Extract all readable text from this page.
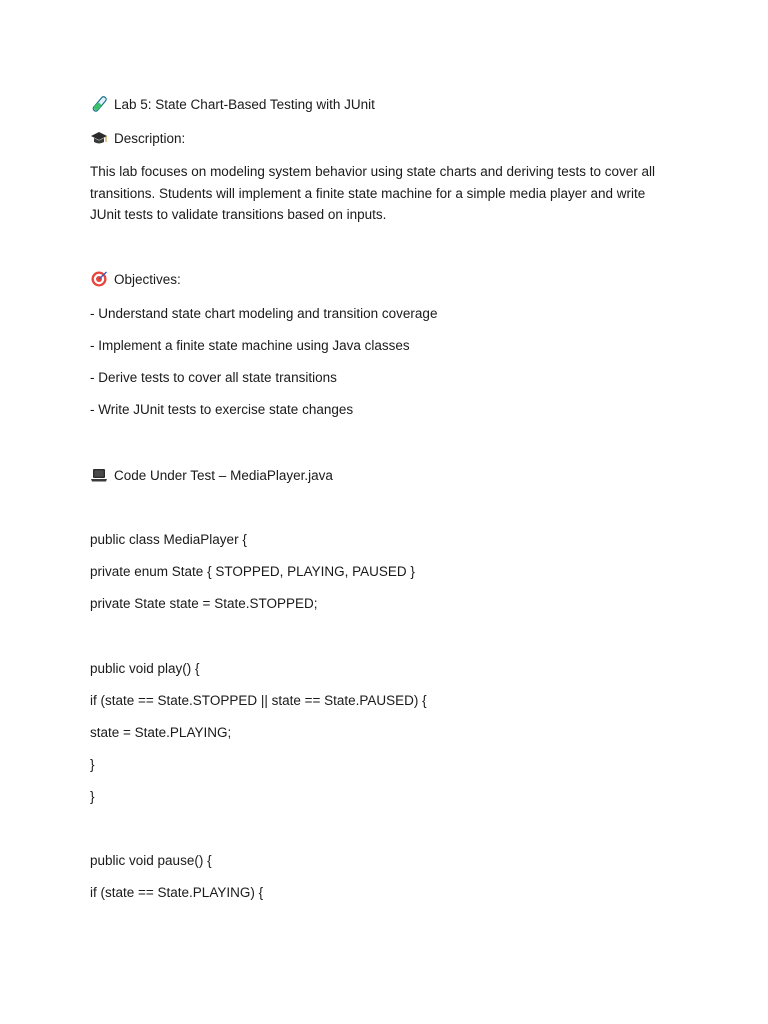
Lab 5: State Chart-Based Testing with JUnit
Description:
This lab focuses on modeling system behavior using state charts and deriving tests to cover all transitions. Students will implement a finite state machine for a simple media player and write JUnit tests to validate transitions based on inputs.
Objectives:
- Understand state chart modeling and transition coverage
- Implement a finite state machine using Java classes
- Derive tests to cover all state transitions
- Write JUnit tests to exercise state changes
Code Under Test – MediaPlayer.java
public class MediaPlayer {
private enum State { STOPPED, PLAYING, PAUSED }
private State state = State.STOPPED;
public void play() {
if (state == State.STOPPED || state == State.PAUSED) {
state = State.PLAYING;
}
}
public void pause() {
if (state == State.PLAYING) {
